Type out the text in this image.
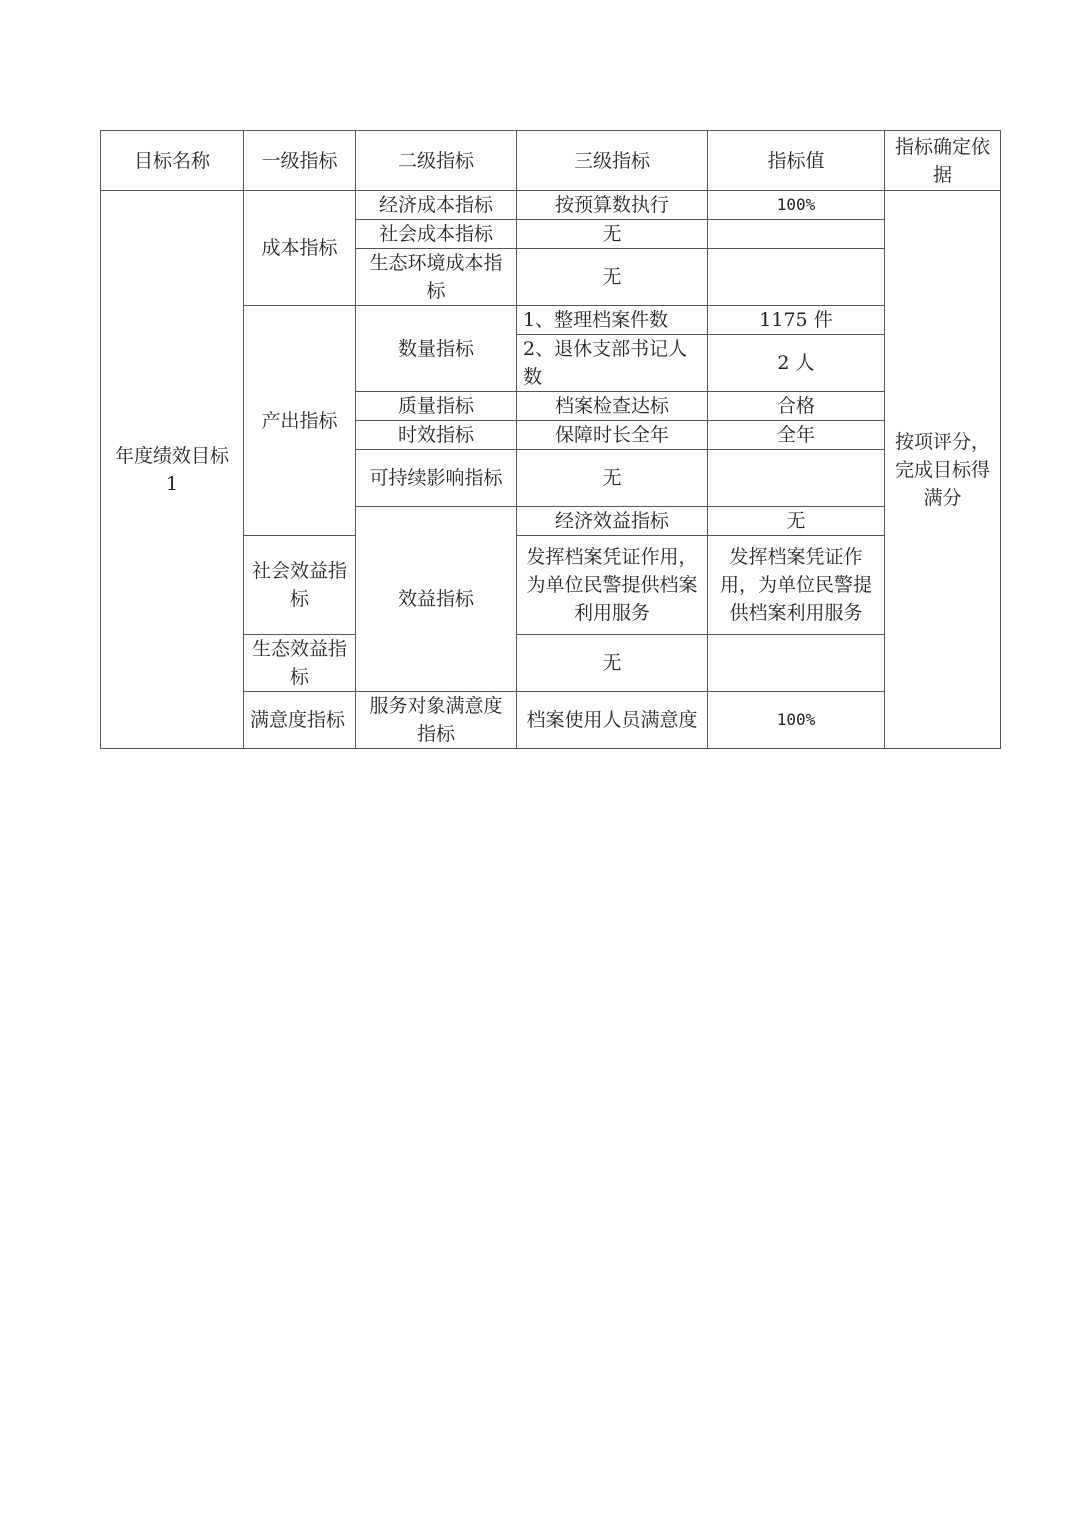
目标名称	一级指标	二级指标	三级指标	指标值	指标确定依据	
年度绩效目标 1	成本指标	经济成本指标	按预算数执行	100%	按项评分，完成目标得满分	
		社会成本指标	无			
		生态环境成本指标	无			
	产出指标	数量指标	1、整理档案件数	1175 件		
			2、退休支部书记人数	2 人		
		质量指标	档案检查达标	合格		
		时效指标	保障时长全年	全年		
		可持续影响指标	无			
		效益指标	经济效益指标	无		
	社会效益指标		发挥档案凭证作用，为单位民警提供档案利用服务	发挥档案凭证作用，为单位民警提供档案利用服务		
	生态效益指标		无			
	满意度指标	服务对象满意度指标	档案使用人员满意度	100%		
